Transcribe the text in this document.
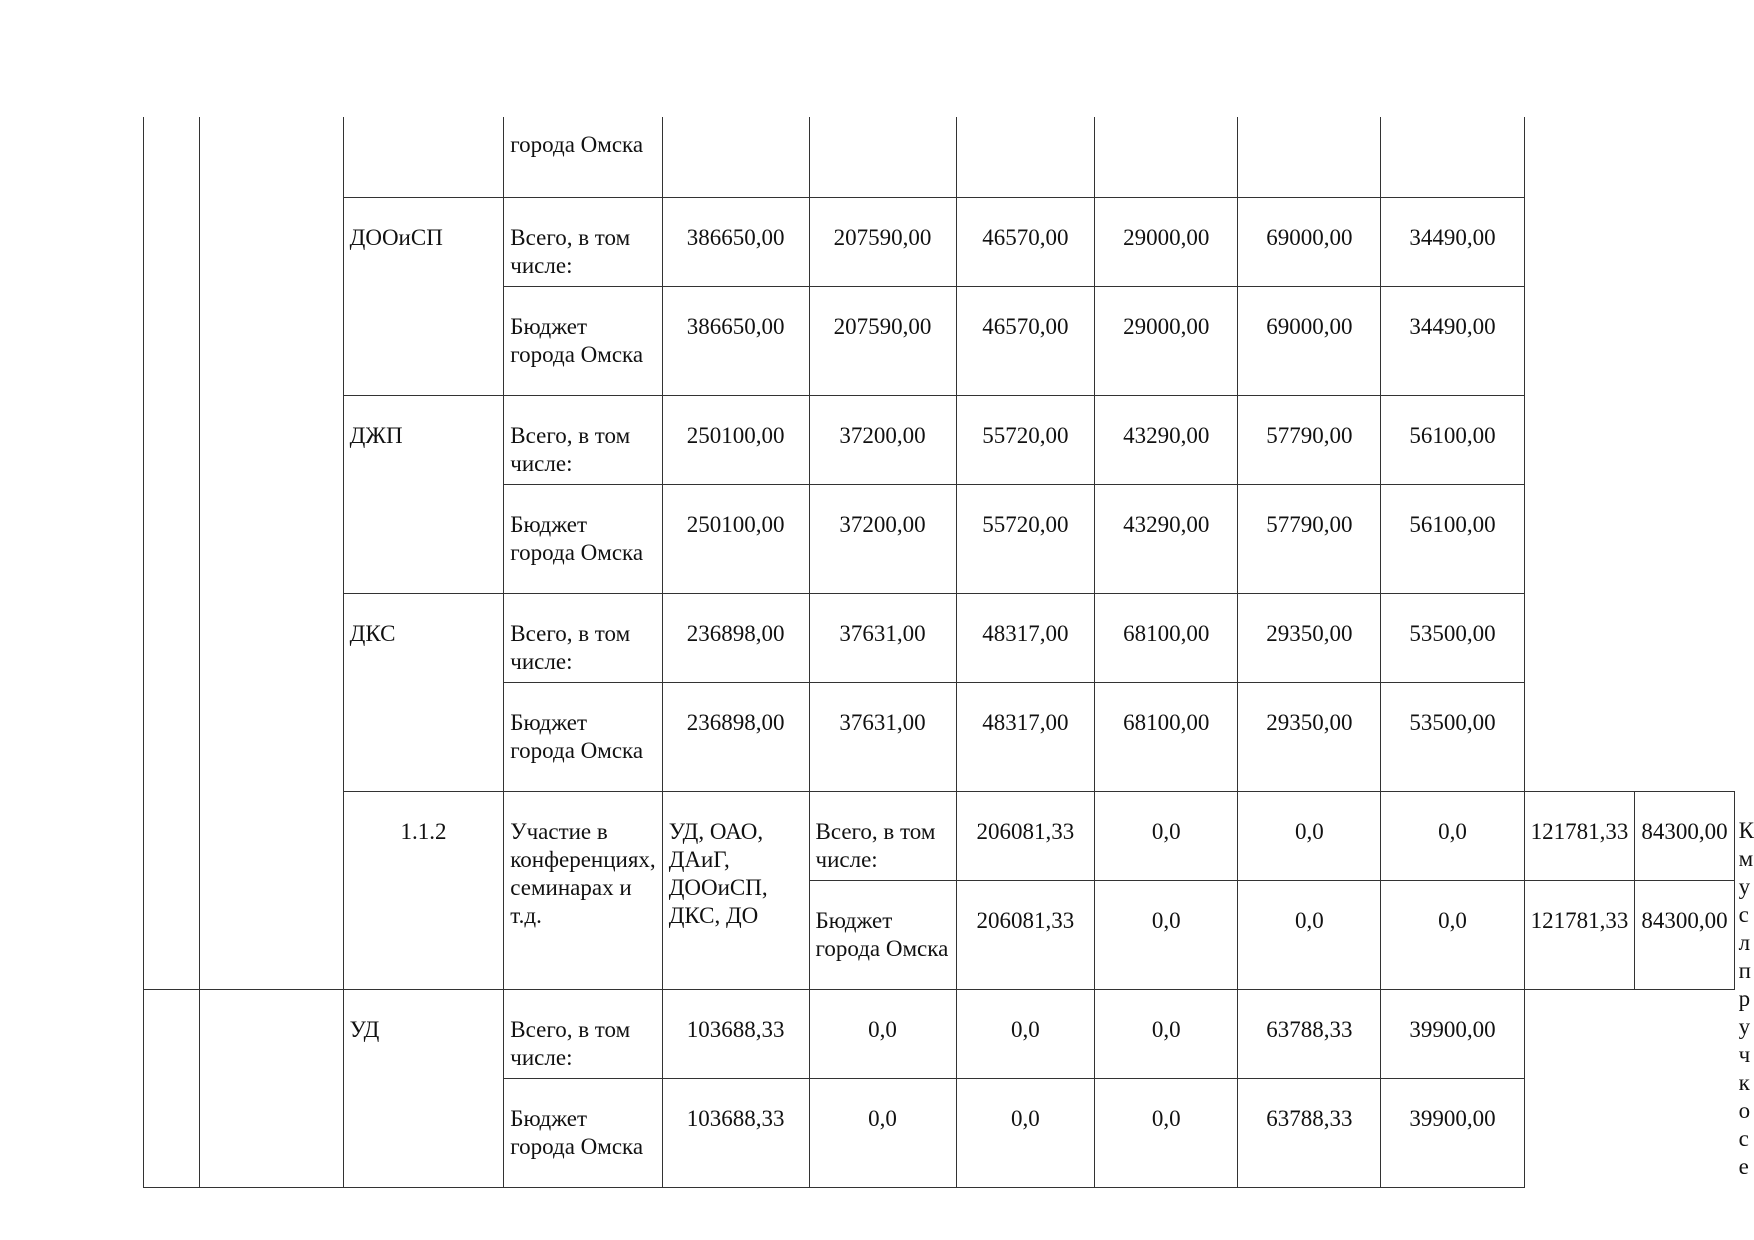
			города Омска									
		ДООиСП	Всего, в том числе:	386650,00	207590,00	46570,00	29000,00	69000,00	34490,00			
			Бюджет города Омска	386650,00	207590,00	46570,00	29000,00	69000,00	34490,00			
		ДЖП	Всего, в том числе:	250100,00	37200,00	55720,00	43290,00	57790,00	56100,00			
			Бюджет города Омска	250100,00	37200,00	55720,00	43290,00	57790,00	56100,00			
		ДКС	Всего, в том числе:	236898,00	37631,00	48317,00	68100,00	29350,00	53500,00			
			Бюджет города Омска	236898,00	37631,00	48317,00	68100,00	29350,00	53500,00			
		1.1.2	Участие в конференциях, семинарах и т.д.	УД, ОАО, ДАиГ, ДООиСП, ДКС, ДО	Всего, в том числе:	206081,33	0,0	0,0	0,0	121781,33	84300,00	Кмуслпручкосе
					Бюджет города Омска	206081,33	0,0	0,0	0,0	121781,33	84300,00	
		УД	Всего, в том числе:	103688,33	0,0	0,0	0,0	63788,33	39900,00			
			Бюджет города Омска	103688,33	0,0	0,0	0,0	63788,33	39900,00			
